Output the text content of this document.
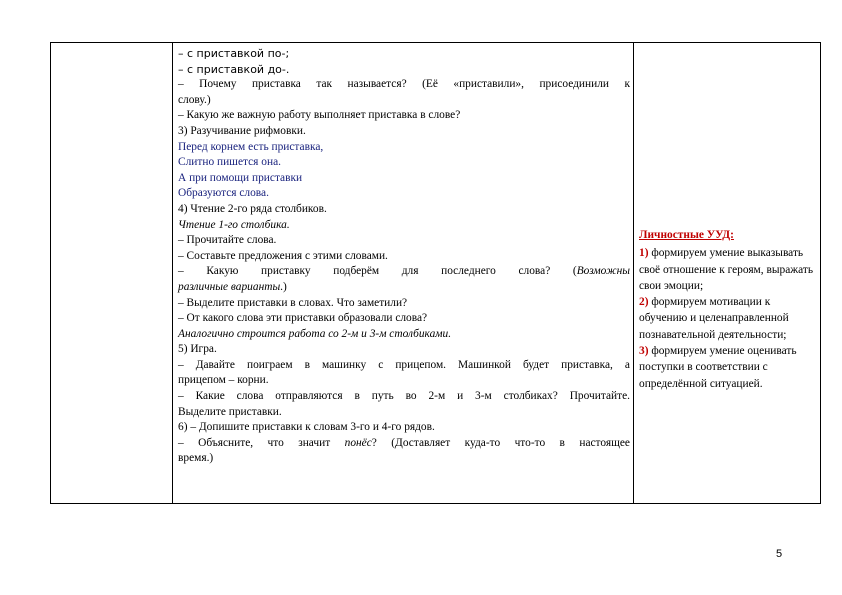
– с приставкой по-;

– с приставкой до-.

– Почему приставка так называется? (Её «приставили», присоединили к

слову.)

– Какую же важную работу выполняет приставка в слове?

3) Разучивание рифмовки.

Перед корнем есть приставка,

Слитно пишется она.

А при помощи приставки

Образуются слова.

4) Чтение 2-го ряда столбиков.

Чтение 1-го столбика.

– Прочитайте слова.

– Составьте предложения с этими словами.

– Какую приставку подберём для последнего слова? (Возможны

различные варианты.)

– Выделите приставки в словах. Что заметили?

– От какого слова эти приставки образовали слова?

Аналогично строится работа со 2-м и 3-м столбиками.

5) Игра.

– Давайте поиграем в машинку с прицепом. Машинкой будет приставка, а

прицепом – корни.

– Какие слова отправляются в путь во 2-м и 3-м столбиках? Прочитайте.

Выделите приставки.

6) – Допишите приставки к словам 3-го и 4-го рядов.

– Объясните, что значит понёс? (Доставляет куда-то что-то в настоящее

время.)

Личностные УУД:

1) формируем умение выказывать своё отношение к героям, выражать свои эмоции;

2) формируем мотивации к обучению и целенаправленной познавательной деятельности;

3) формируем умение оценивать поступки в соответствии с определённой ситуацией.

5
